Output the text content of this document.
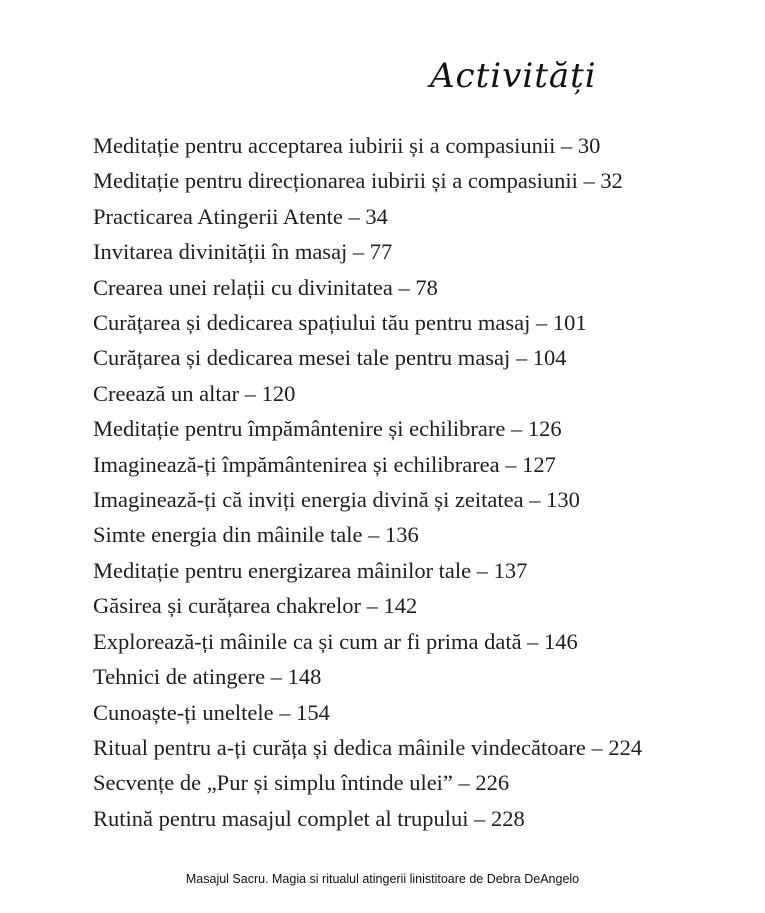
Activități
Meditație pentru acceptarea iubirii și a compasiunii – 30
Meditație pentru direcționarea iubirii și a compasiunii – 32
Practicarea Atingerii Atente – 34
Invitarea divinității în masaj – 77
Crearea unei relații cu divinitatea – 78
Curățarea și dedicarea spațiului tău pentru masaj – 101
Curățarea și dedicarea mesei tale pentru masaj – 104
Creează un altar – 120
Meditație pentru împământenire și echilibrare – 126
Imaginează-ți împământenirea și echilibrarea – 127
Imaginează-ți că inviți energia divină și zeitatea – 130
Simte energia din mâinile tale – 136
Meditație pentru energizarea mâinilor tale – 137
Găsirea și curățarea chakrelor – 142
Explorează-ți mâinile ca și cum ar fi prima dată – 146
Tehnici de atingere – 148
Cunoaște-ți uneltele – 154
Ritual pentru a-ți curăța și dedica mâinile vindecătoare – 224
Secvențe de „Pur și simplu întinde ulei” – 226
Rutină pentru masajul complet al trupului – 228
Masajul Sacru. Magia si ritualul atingerii linistitoare de Debra DeAngelo
